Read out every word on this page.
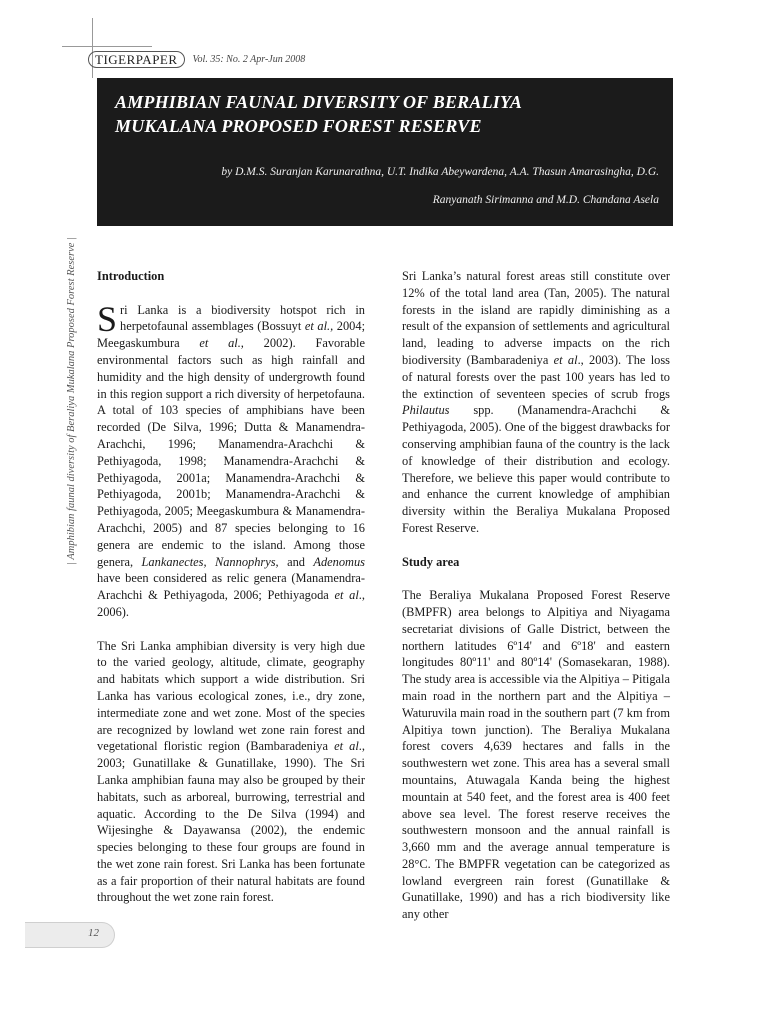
TIGERPAPER	Vol. 35: No. 2 Apr-Jun 2008
| Amphibian faunal diversity of Beraliya Mukalana Proposed Forest Reserve |
AMPHIBIAN FAUNAL DIVERSITY OF BERALIYA
MUKALANA PROPOSED FOREST RESERVE
by D.M.S. Suranjan Karunarathna, U.T. Indika Abeywardena, A.A. Thasun Amarasingha, D.G.
Ranyanath Sirimanna and M.D. Chandana Asela
Introduction

Sri Lanka is a biodiversity hotspot rich in herpetofaunal assemblages (Bossuyt et al., 2004; Meegaskumbura et al., 2002). Favorable environmental factors such as high rainfall and humidity and the high density of undergrowth found in this region support a rich diversity of herpetofauna. A total of 103 species of amphibians have been recorded (De Silva, 1996; Dutta & Manamendra-Arachchi, 1996; Manamendra-Arachchi & Pethiyagoda, 1998; Manamendra-Arachchi & Pethiyagoda, 2001a; Manamendra-Arachchi & Pethiyagoda, 2001b; Manamendra-Arachchi & Pethiyagoda, 2005; Meegaskumbura & Manamendra-Arachchi, 2005) and 87 species belonging to 16 genera are endemic to the island. Among those genera, Lankanectes, Nannophrys, and Adenomus have been considered as relic genera (Manamendra-Arachchi & Pethiyagoda, 2006; Pethiyagoda et al., 2006).

The Sri Lanka amphibian diversity is very high due to the varied geology, altitude, climate, geography and habitats which support a wide distribution. Sri Lanka has various ecological zones, i.e., dry zone, intermediate zone and wet zone. Most of the species are recognized by lowland wet zone rain forest and vegetational floristic region (Bambaradeniya et al., 2003; Gunatillake & Gunatillake, 1990). The Sri Lanka amphibian fauna may also be grouped by their habitats, such as arboreal, burrowing, terrestrial and aquatic. According to the De Silva (1994) and Wijesinghe & Dayawansa (2002), the endemic species belonging to these four groups are found in the wet zone rain forest. Sri Lanka has been fortunate as a fair proportion of their natural habitats are found throughout the wet zone rain forest.

Sri Lanka’s natural forest areas still constitute over 12% of the total land area (Tan, 2005). The natural forests in the island are rapidly diminishing as a result of the expansion of settlements and agricultural land, leading to adverse impacts on the rich biodiversity (Bambaradeniya et al., 2003). The loss of natural forests over the past 100 years has led to the extinction of seventeen species of scrub frogs Philautus spp. (Manamendra-Arachchi & Pethiyagoda, 2005). One of the biggest drawbacks for conserving amphibian fauna of the country is the lack of knowledge of their distribution and ecology. Therefore, we believe this paper would contribute to and enhance the current knowledge of amphibian diversity within the Beraliya Mukalana Proposed Forest Reserve.

Study area

The Beraliya Mukalana Proposed Forest Reserve (BMPFR) area belongs to Alpitiya and Niyagama secretariat divisions of Galle District, between the northern latitudes 6º14' and 6º18' and eastern longitudes 80º11' and 80º14' (Somasekaran, 1988). The study area is accessible via the Alpitiya – Pitigala main road in the northern part and the Alpitiya – Waturuvila main road in the southern part (7 km from Alpitiya town junction). The Beraliya Mukalana forest covers 4,639 hectares and falls in the southwestern wet zone. This area has a several small mountains, Atuwagala Kanda being the highest mountain at 540 feet, and the forest area is 400 feet above sea level. The forest reserve receives the southwestern monsoon and the annual rainfall is 3,660 mm and the average annual temperature is 28°C. The BMPFR vegetation can be categorized as lowland evergreen rain forest (Gunatillake & Gunatillake, 1990) and has a rich biodiversity like any other

12
